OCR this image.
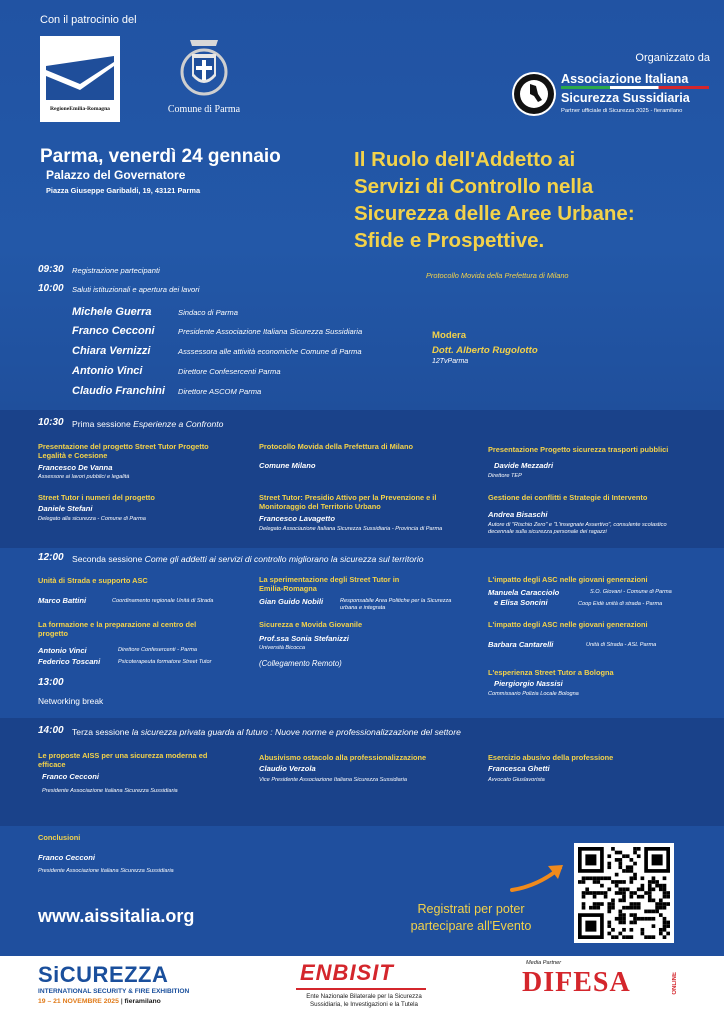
Con il patrocinio del
RegioneEmilia-Romagna	Comune di Parma
Organizzato da
Associazione Italiana
Sicurezza Sussidiaria
Partner ufficiale di Sicurezza 2025 - fieramilano
Parma, venerdì 24 gennaio
Palazzo del Governatore
Piazza Giuseppe Garibaldi, 19, 43121 Parma
Il Ruolo dell'Addetto ai
Servizi di Controllo nella
Sicurezza delle Aree Urbane:
Sfide e Prospettive.
Protocollo Movida della Prefettura di Milano
09:30 Registrazione partecipanti
10:00 Saluti istituzionali e apertura dei lavori
Michele Guerra	Sindaco di Parma
Franco Cecconi	Presidente Associazione Italiana Sicurezza Sussidiaria
Chiara Vernizzi	Asssessora alle attività economiche Comune di Parma
Antonio Vinci	Direttore Confesercenti Parma
Claudio Franchini Direttore ASCOM Parma
Modera
Dott. Alberto Rugolotto
12TvParma
10:30 Prima sessione Esperienze a Confronto
Presentazione del progetto Street Tutor Progetto Legalità e Coesione
Francesco De Vanna
Assessore ai lavori pubblici e legalità
Protocollo Movida della Prefettura di Milano
Comune Milano
Presentazione Progetto sicurezza trasporti pubblici
Davide Mezzadri
Direttore TEP
Street Tutor i numeri del progetto
Daniele Stefani
Delegato alla sicurezza - Comune di Parma
Street Tutor: Presidio Attivo per la Prevenzione e il Monitoraggio del Territorio Urbano
Francesco Lavagetto
Delegato Associazione Italiana Sicurezza Sussidiaria - Provincia di Parma
Gestione dei conflitti e Strategie di Intervento
Andrea Bisaschi
Autore di "Rischio Zero" e "L'insegnate Assertivo", consulente scolastico decennale sulla sicurezza personale dei ragazzi
12:00 Seconda sessione Come gli addetti ai servizi di controllo migliorano la sicurezza sul territorio
Unità di Strada e supporto ASC
Marco Battini	Coordinamento regionale Unità di Strada
La sperimentazione degli Street Tutor in Emilia-Romagna
Gian Guido Nobili	Responsabile Area Politiche per la Sicurezza urbana e integrata
L'impatto degli ASC nelle giovani generazioni
Manuela Caracciolo
e Elisa Soncini
S.O. Giovani - Comune di Parma
Coop Eidè unità di strada - Parma
La formazione e la preparazione al centro del progetto
Antonio Vinci
Federico Toscani
Direttore Confesercenti - Parma
Psicoterapeuta formatore Street Tutor
Sicurezza e Movida Giovanile
Prof.ssa Sonia Stefanizzi
Università Bicocca
(Collegamento Remoto)
L'impatto degli ASC nelle giovani generazioni
Barbara Cantarelli	Unità di Strada - ASL Parma
L'esperienza Street Tutor a Bologna
Piergiorgio Nassisi
Commissario Polizia Locale Bologna
13:00
Networking break
14:00 Terza sessione la sicurezza privata guarda al futuro : Nuove norme e professionalizzazione del settore
Le proposte AISS per una sicurezza moderna ed efficace
Franco Cecconi
Presidente Associazione Italiana Sicurezza Sussidiaria
Abusivismo ostacolo alla professionalizzazione
Claudio Verzola
Vice Presidente Associazione Italiana Sicurezza Sussidiaria
Esercizio abusivo della professione
Francesca Ghetti
Avvocato Giuslavorista
Conclusioni
Franco Cecconi
Presidente Associazione Italiana Sicurezza Sussidiaria
www.aissitalia.org	Registrati per poter
partecipare all'Evento
SiCUREZZA
INTERNATIONAL SECURITY & FIRE EXHIBITION
19 – 21 NOVEMBRE 2025 | fieramilano
ENBISIT
Ente Nazionale Bilaterale per la Sicurezza
Sussidiaria, le Investigazioni e la Tutela
Media Partner
DIFESA	ONLINE
